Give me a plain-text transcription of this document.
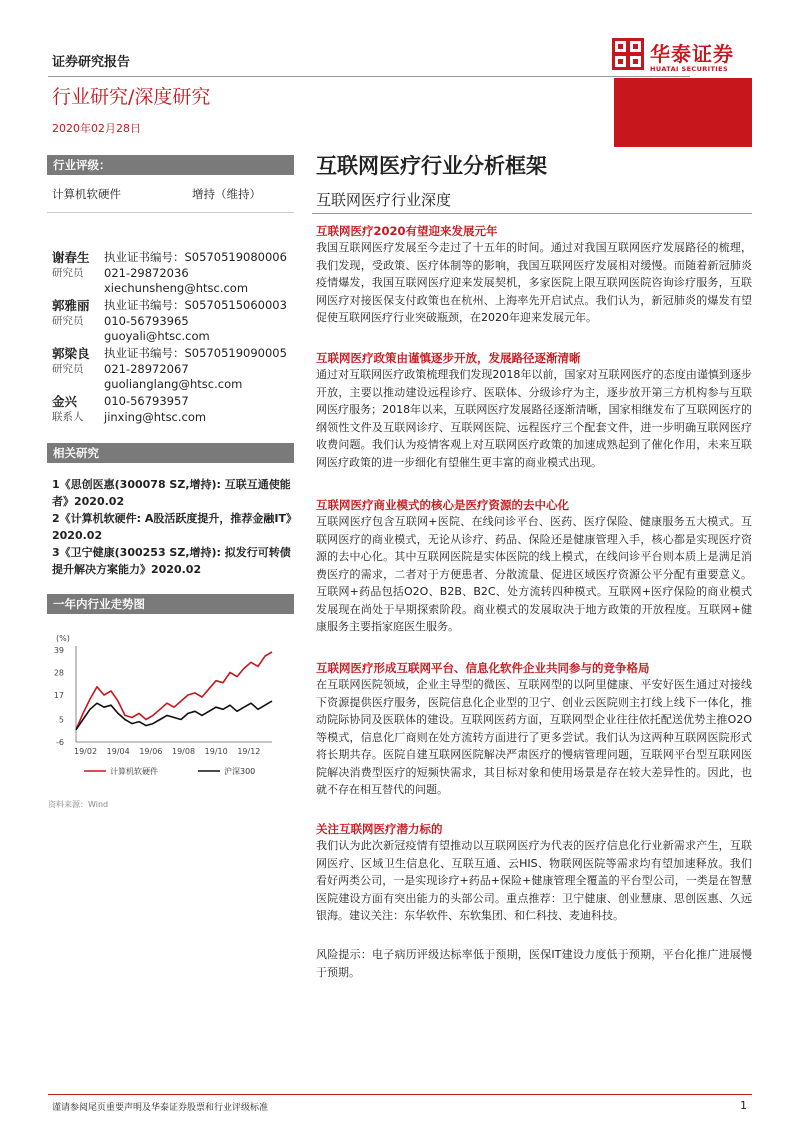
证券研究报告
行业研究/深度研究
2020年02月28日
华泰证券
HUATAI SECURITIES
行业评级：
计算机软硬件	增持（维持）
谢春生
研究员
执业证书编号：S0570519080006
021-29872036
xiechunsheng@htsc.com
郭雅丽
研究员
执业证书编号：S0570515060003
010-56793965
guoyali@htsc.com
郭梁良
研究员
执业证书编号：S0570519090005
021-28972067
guolianglang@htsc.com
金兴
联系人
010-56793957
jinxing@htsc.com
相关研究
1《思创医惠(300078 SZ,增持): 互联互通使能者》2020.02
2《计算机软硬件: A股活跃度提升，推荐金融IT》2020.02
3《卫宁健康(300253 SZ,增持): 拟发行可转债提升解决方案能力》2020.02
一年内行业走势图
(%)
39
28
17
5
-6
19/02 19/04 19/06 19/08 19/10 19/12
计算机软硬件	沪深300
资料来源：Wind
互联网医疗行业分析框架
互联网医疗行业深度
互联网医疗2020有望迎来发展元年
我国互联网医疗发展至今走过了十五年的时间。通过对我国互联网医疗发展路径的梳理，我们发现，受政策、医疗体制等的影响，我国互联网医疗发展相对缓慢。而随着新冠肺炎疫情爆发，我国互联网医疗迎来发展契机，多家医院上限互联网医院咨询诊疗服务，互联网医疗对接医保支付政策也在杭州、上海率先开启试点。我们认为，新冠肺炎的爆发有望促使互联网医疗行业突破瓶颈，在2020年迎来发展元年。
互联网医疗政策由谨慎逐步开放，发展路径逐渐清晰
通过对互联网医疗政策梳理我们发现2018年以前，国家对互联网医疗的态度由谨慎到逐步开放，主要以推动建设远程诊疗、医联体、分级诊疗为主，逐步放开第三方机构参与互联网医疗服务；2018年以来，互联网医疗发展路径逐渐清晰，国家相继发布了互联网医疗的纲领性文件及互联网诊疗、互联网医院、远程医疗三个配套文件，进一步明确互联网医疗收费问题。我们认为疫情客观上对互联网医疗政策的加速成熟起到了催化作用，未来互联网医疗政策的进一步细化有望催生更丰富的商业模式出现。
互联网医疗商业模式的核心是医疗资源的去中心化
互联网医疗包含互联网+医院、在线问诊平台、医药、医疗保险、健康服务五大模式。互联网医疗的商业模式，无论从诊疗、药品、保险还是健康管理入手，核心都是实现医疗资源的去中心化。其中互联网医院是实体医院的线上模式，在线问诊平台则本质上是满足消费医疗的需求，二者对于方便患者、分散流量、促进区域医疗资源公平分配有重要意义。互联网+药品包括O2O、B2B、B2C、处方流转四种模式。互联网+医疗保险的商业模式发展现在尚处于早期探索阶段。商业模式的发展取决于地方政策的开放程度。互联网+健康服务主要指家庭医生服务。
互联网医疗形成互联网平台、信息化软件企业共同参与的竞争格局
在互联网医院领域，企业主导型的微医、互联网型的以阿里健康、平安好医生通过对接线下资源提供医疗服务，医院信息化企业型的卫宁、创业云医院则主打线上线下一体化，推动院际协同及医联体的建设。互联网医药方面，互联网型企业往往依托配送优势主推O2O等模式，信息化厂商则在处方流转方面进行了更多尝试。我们认为这两种互联网医院形式将长期共存。医院自建互联网医院解决严肃医疗的慢病管理问题，互联网平台型互联网医院解决消费型医疗的短频快需求，其目标对象和使用场景是存在较大差异性的。因此，也就不存在相互替代的问题。
关注互联网医疗潜力标的
我们认为此次新冠疫情有望推动以互联网医疗为代表的医疗信息化行业新需求产生，互联网医疗、区域卫生信息化、互联互通、云HIS、物联网医院等需求均有望加速释放。我们看好两类公司，一是实现诊疗+药品+保险+健康管理全覆盖的平台型公司，一类是在智慧医院建设方面有突出能力的头部公司。重点推荐：卫宁健康、创业慧康、思创医惠、久远银海。建议关注：东华软件、东软集团、和仁科技、麦迪科技。
风险提示：电子病历评级达标率低于预期，医保IT建设力度低于预期，平台化推广进展慢于预期。
谨请参阅尾页重要声明及华泰证券股票和行业评级标准	1
